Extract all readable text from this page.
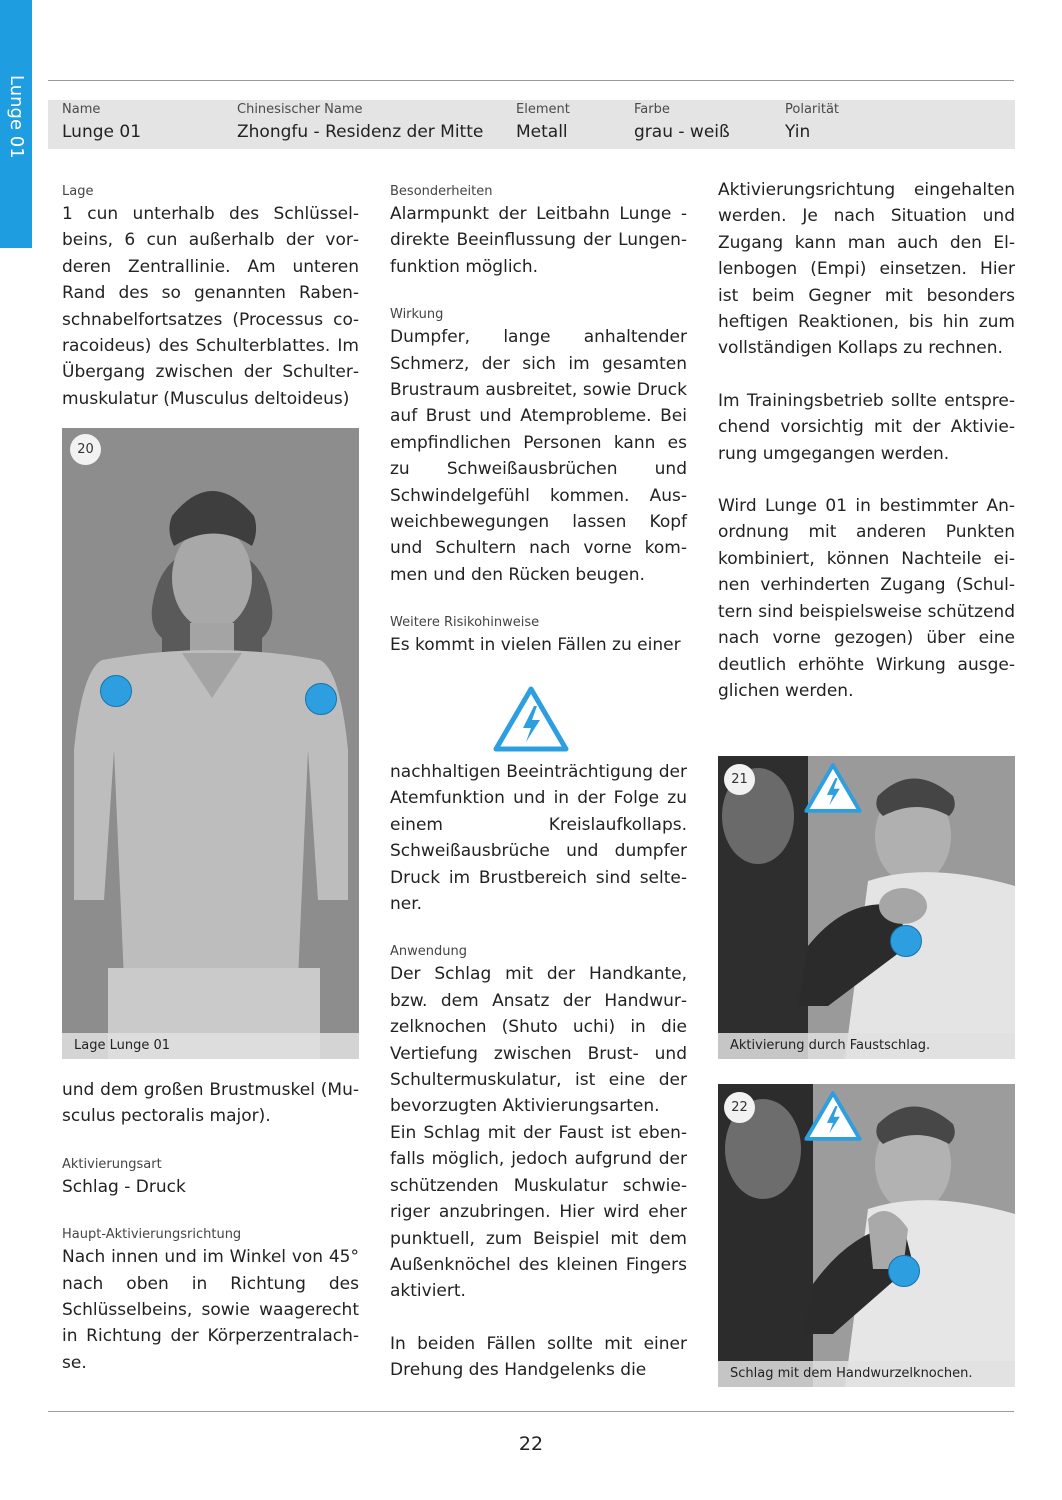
Lunge 01	Name
Lunge 01
Chinesischer Name
Zhongfu - Residenz der Mitte
Element
Metall
Farbe
grau - weiß
Polarität
Yin
Lage

1 cun unterhalb des Schlüsselbeins, 6 cun außerhalb der vorderen Zentrallinie. Am unteren Rand des so genannten Rabenschnabelfortsatzes (Processus coracoideus) des Schulterblattes. Im Übergang zwischen der Schultermuskulatur (Musculus deltoideus)

20
Lage Lunge 01

und dem großen Brustmuskel (Musculus pectoralis major).

Aktivierungsart

Schlag - Druck

Haupt-Aktivierungsrichtung

Nach innen und im Winkel von 45° nach oben in Richtung des Schlüsselbeins, sowie waagerecht in Richtung der Körperzentralachse.

Besonderheiten

Alarmpunkt der Leitbahn Lunge - direkte Beeinflussung der Lungenfunktion möglich.

Wirkung

Dumpfer, lange anhaltender Schmerz, der sich im gesamten Brustraum ausbreitet, sowie Druck auf Brust und Atemprobleme. Bei empfindlichen Personen kann es zu Schweißausbrüchen und Schwindelgefühl kommen. Ausweichbewegungen lassen Kopf und Schultern nach vorne kommen und den Rücken beugen.

Weitere Risikohinweise

Es kommt in vielen Fällen zu einer

nachhaltigen Beeinträchtigung der Atemfunktion und in der Folge zu einem Kreislaufkollaps. Schweißausbrüche und dumpfer Druck im Brustbereich sind seltener.

Anwendung

Der Schlag mit der Handkante, bzw. dem Ansatz der Handwurzelknochen (Shuto uchi) in die Vertiefung zwischen Brust- und Schultermuskulatur, ist eine der bevorzugten Aktivierungsarten.

Ein Schlag mit der Faust ist ebenfalls möglich, jedoch aufgrund der schützenden Muskulatur schwieriger anzubringen. Hier wird eher punktuell, zum Beispiel mit dem Außenknöchel des kleinen Fingers aktiviert.

In beiden Fällen sollte mit einer Drehung des Handgelenks die

Aktivierungsrichtung eingehalten werden. Je nach Situation und Zugang kann man auch den Ellenbogen (Empi) einsetzen. Hier ist beim Gegner mit besonders heftigen Reaktionen, bis hin zum vollständigen Kollaps zu rechnen.

Im Trainingsbetrieb sollte entsprechend vorsichtig mit der Aktivierung umgegangen werden.

Wird Lunge 01 in bestimmter Anordnung mit anderen Punkten kombiniert, können Nachteile einen verhinderten Zugang (Schultern sind beispielsweise schützend nach vorne gezogen) über eine deutlich erhöhte Wirkung ausgeglichen werden.

21
Aktivierung durch Faustschlag.
22
Schlag mit dem Handwurzelknochen.
22
